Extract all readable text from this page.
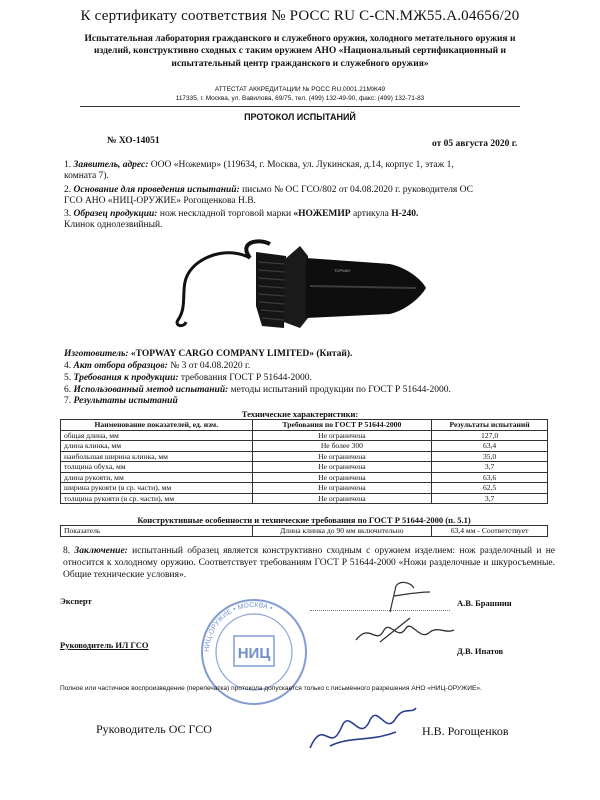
К сертификату соответствия № РОСС RU С-CN.МЖ55.А.04656/20
Испытательная лаборатория гражданского и служебного оружия, холодного метательного оружия и
изделий, конструктивно сходных с таким оружием АНО «Национальный сертификационный и
испытательный центр гражданского и служебного оружия»
АТТЕСТАТ АККРЕДИТАЦИИ № РОСС RU.0001.21МЖ49
117335, г. Москва, ул. Вавилова, 69/75, тел. (499) 132-49-90, факс: (499) 132-71-83
ПРОТОКОЛ ИСПЫТАНИЙ
№ ХО-14051	от 05 августа 2020 г.
1. Заявитель, адрес: ООО «Ножемир» (119634, г. Москва, ул. Лукинская, д.14, корпус 1, этаж 1,
комната 7).
2. Основание для проведения испытаний: письмо № ОС ГСО/802 от 04.08.2020 г. руководителя ОС
ГСО АНО «НИЦ-ОРУЖИЕ» Рогощенкова Н.В.
3. Образец продукции: нож нескладной торговой марки «НОЖЕМИР артикула Н-240.
Клинок однолезвийный.
TOPWAY
Изготовитель: «TOPWAY CARGO COMPANY LIMITED» (Китай).
4. Акт отбора образцов: № 3 от 04.08.2020 г.
5. Требования к продукции: требования ГОСТ Р 51644-2000.
6. Использованный метод испытаний: методы испытаний продукции по ГОСТ Р 51644-2000.
7. Результаты испытаний
Технические характеристики:
Наименование показателей, ед. изм.	Требования по ГОСТ Р 51644-2000	Результаты испытаний
общая длина, мм	Не ограничена	127,0
длина клинка, мм	Не более 300	63,4
наибольшая ширина клинка, мм	Не ограничена	35,0
толщина обуха, мм	Не ограничена	3,7
длина рукояти, мм	Не ограничена	63,6
ширина рукояти (в ср. части), мм	Не ограничена	62,5
толщина рукояти (в ср. части), мм	Не ограничена	3,7
Конструктивные особенности и технические требования по ГОСТ Р 51644-2000 (п. 5.1)
Показатель	Длина клинка до 90 мм включительно	63,4 мм - Соответствует
8. Заключение: испытанный образец является конструктивно сходным с оружием изделием: нож разделочный и не относится к холодному оружию. Соответствует требованиям ГОСТ Р 51644-2000 «Ножи разделочные и шкуросъемные. Общие технические условия».
НИЦ-ОРУЖИЕ • МОСКВА •
НИЦ
Эксперт	А.В. Брашнин
Руководитель ИЛ ГСО
Д.В. Ипатов
Полное или частичное воспроизведение (перепечатка) протокола допускается только с письменного разрешения АНО «НИЦ-ОРУЖИЕ».
Руководитель ОС ГСО	Н.В. Рогощенков
